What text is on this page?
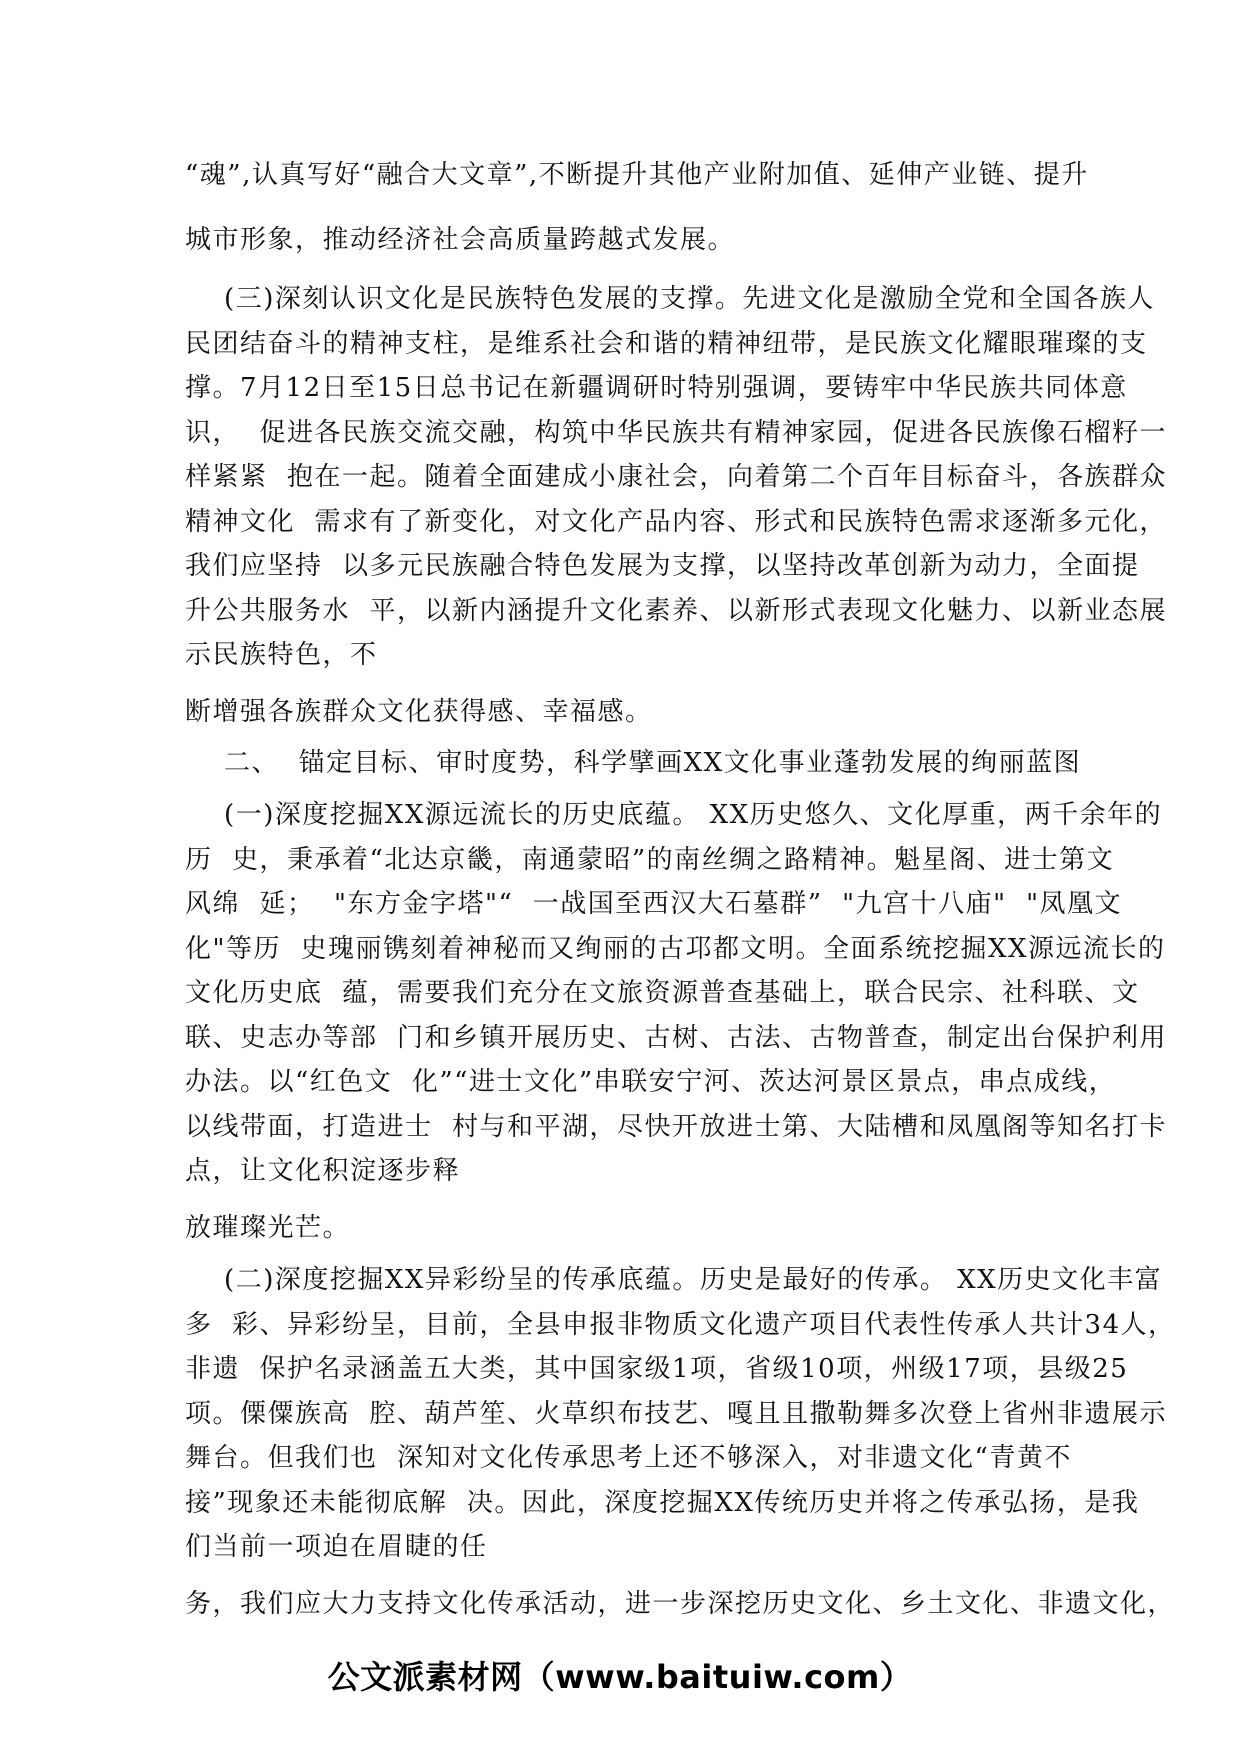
“魂”,认真写好“融合大文章”,不断提升其他产业附加值、延伸产业链、提升

城市形象，推动经济社会高质量跨越式发展。

(三)深刻认识文化是民族特色发展的支撑。先进文化是激励全党和全国各族人

民团结奋斗的精神支柱，是维系社会和谐的精神纽带，是民族文化耀眼璀璨的支

撑。7月12日至15日总书记在新疆调研时特别强调，要铸牢中华民族共同体意

识，  促进各民族交流交融，构筑中华民族共有精神家园，促进各民族像石榴籽一

样紧紧  抱在一起。随着全面建成小康社会，向着第二个百年目标奋斗，各族群众

精神文化  需求有了新变化，对文化产品内容、形式和民族特色需求逐渐多元化，

我们应坚持  以多元民族融合特色发展为支撑，以坚持改革创新为动力，全面提

升公共服务水  平，以新内涵提升文化素养、以新形式表现文化魅力、以新业态展

示民族特色，不

断增强各族群众文化获得感、幸福感。

二、  锚定目标、审时度势，科学擘画XX文化事业蓬勃发展的绚丽蓝图

(一)深度挖掘XX源远流长的历史底蕴。 XX历史悠久、文化厚重，两千余年的

历  史，秉承着“北达京畿，南通蒙昭”的南丝绸之路精神。魁星阁、进士第文

风绵  延；  "东方金字塔"“  一战国至西汉大石墓群”  "九宫十八庙"  "凤凰文

化"等历  史瑰丽镌刻着神秘而又绚丽的古邛都文明。全面系统挖掘XX源远流长的

文化历史底  蕴，需要我们充分在文旅资源普查基础上，联合民宗、社科联、文

联、史志办等部  门和乡镇开展历史、古树、古法、古物普查，制定出台保护利用

办法。以“红色文  化”“进士文化”串联安宁河、茨达河景区景点，串点成线，

以线带面，打造进士  村与和平湖，尽快开放进士第、大陆槽和凤凰阁等知名打卡

点，让文化积淀逐步释

放璀璨光芒。

(二)深度挖掘XX异彩纷呈的传承底蕴。历史是最好的传承。 XX历史文化丰富

多  彩、异彩纷呈，目前，全县申报非物质文化遗产项目代表性传承人共计34人，

非遗  保护名录涵盖五大类，其中国家级1项，省级10项，州级17项，县级25

项。傈僳族高  腔、葫芦笙、火草织布技艺、嘎且且撒勒舞多次登上省州非遗展示

舞台。但我们也  深知对文化传承思考上还不够深入，对非遗文化“青黄不

接”现象还未能彻底解  决。因此，深度挖掘XX传统历史并将之传承弘扬，是我

们当前一项迫在眉睫的任

务，我们应大力支持文化传承活动，进一步深挖历史文化、乡土文化、非遗文化，

公文派素材网（www.baituiw.com）
